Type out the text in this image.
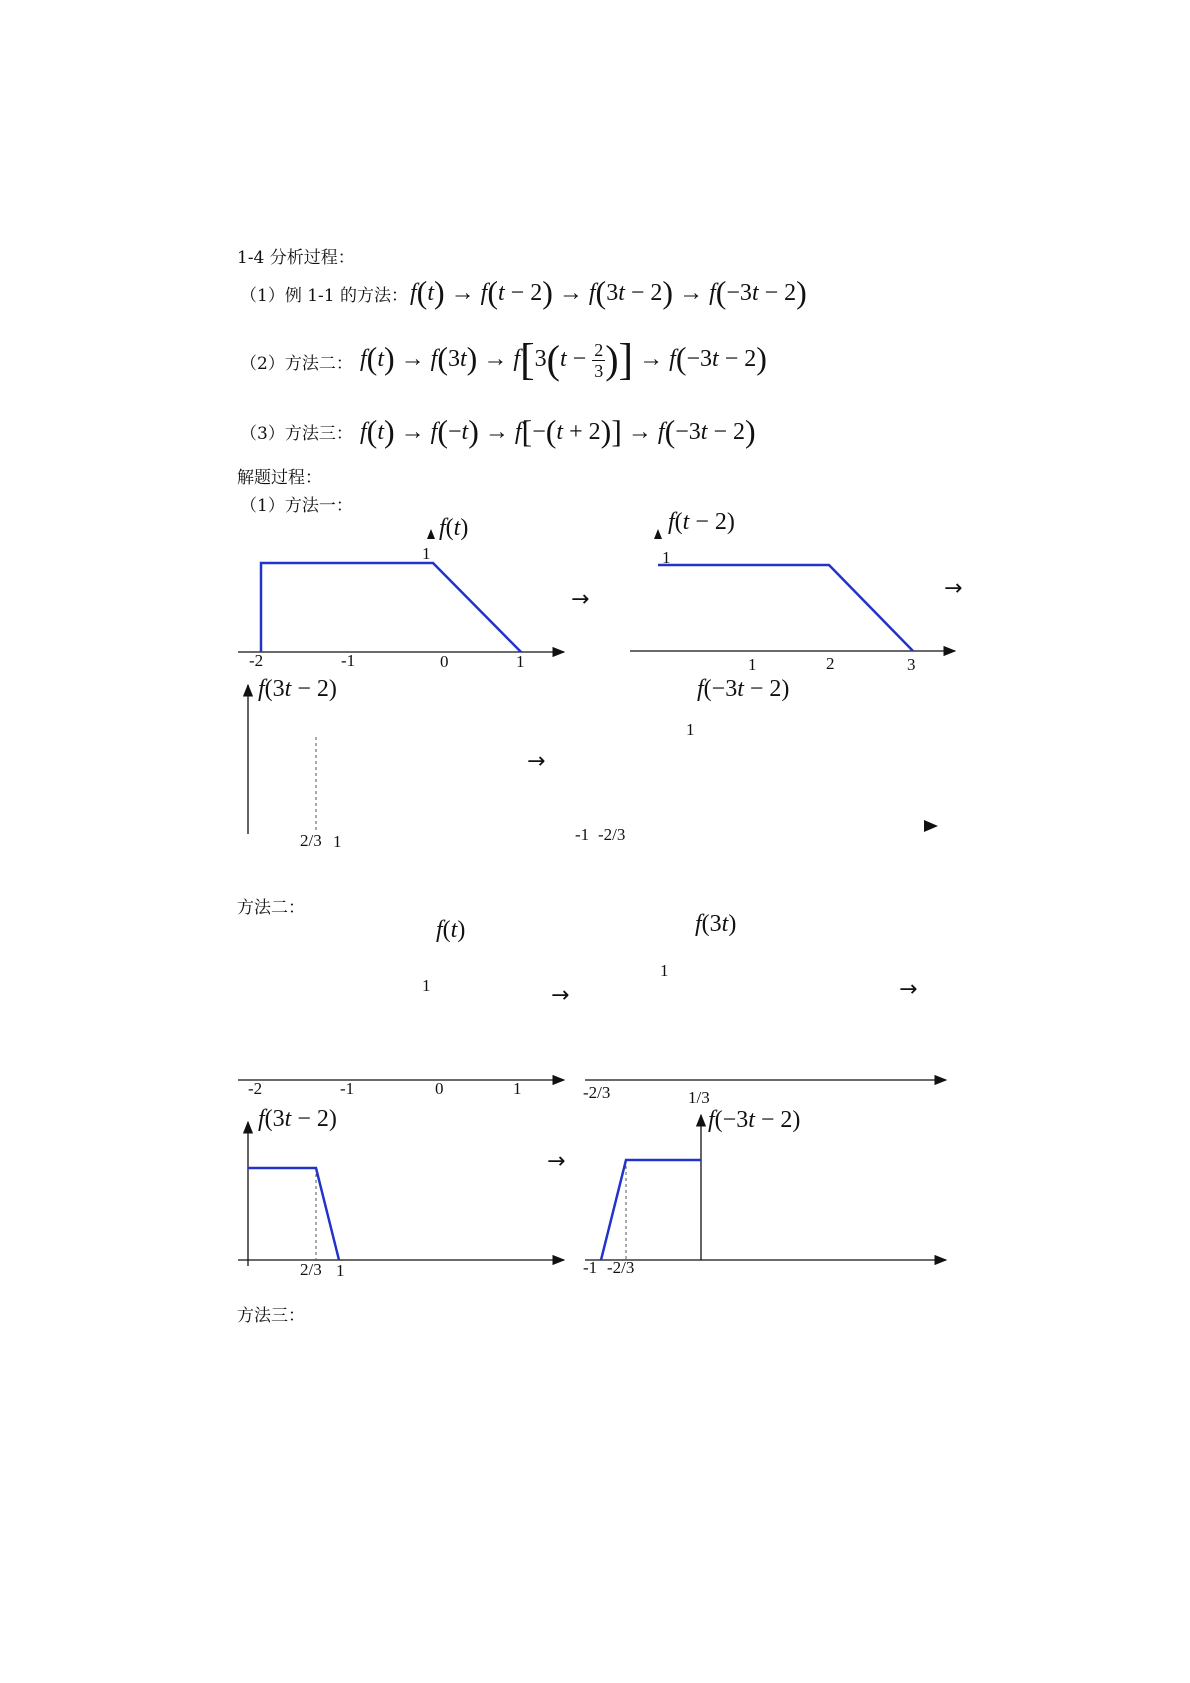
1-4 分析过程：
（1）例 1-1 的方法： f(t) → f(t − 2) → f(3t − 2) → f(−3t − 2)
（2）方法二： $f(t) \to f(3t) \to f[3(t - \frac{2}{3}$ )] → f(−3t − 2)
（3）方法三： f(t) → f(−t) → f[−(t + 2)] → f(−3t − 2)
解题过程：
（1）方法一：
f(t)
1
-2	-1	0	1
→
f(t − 2)
1
1	2	3
→
f(3t − 2)
2/3 1
→
f(−3t − 2)
1
-1 -2/3
方法二：
f(t)
1
-2	-1	0	1
→
f(3t)
1
-2/3	1/3
→
f(3t − 2)
2/3 1
→
f(−3t − 2)
-1 -2/3
方法三：
